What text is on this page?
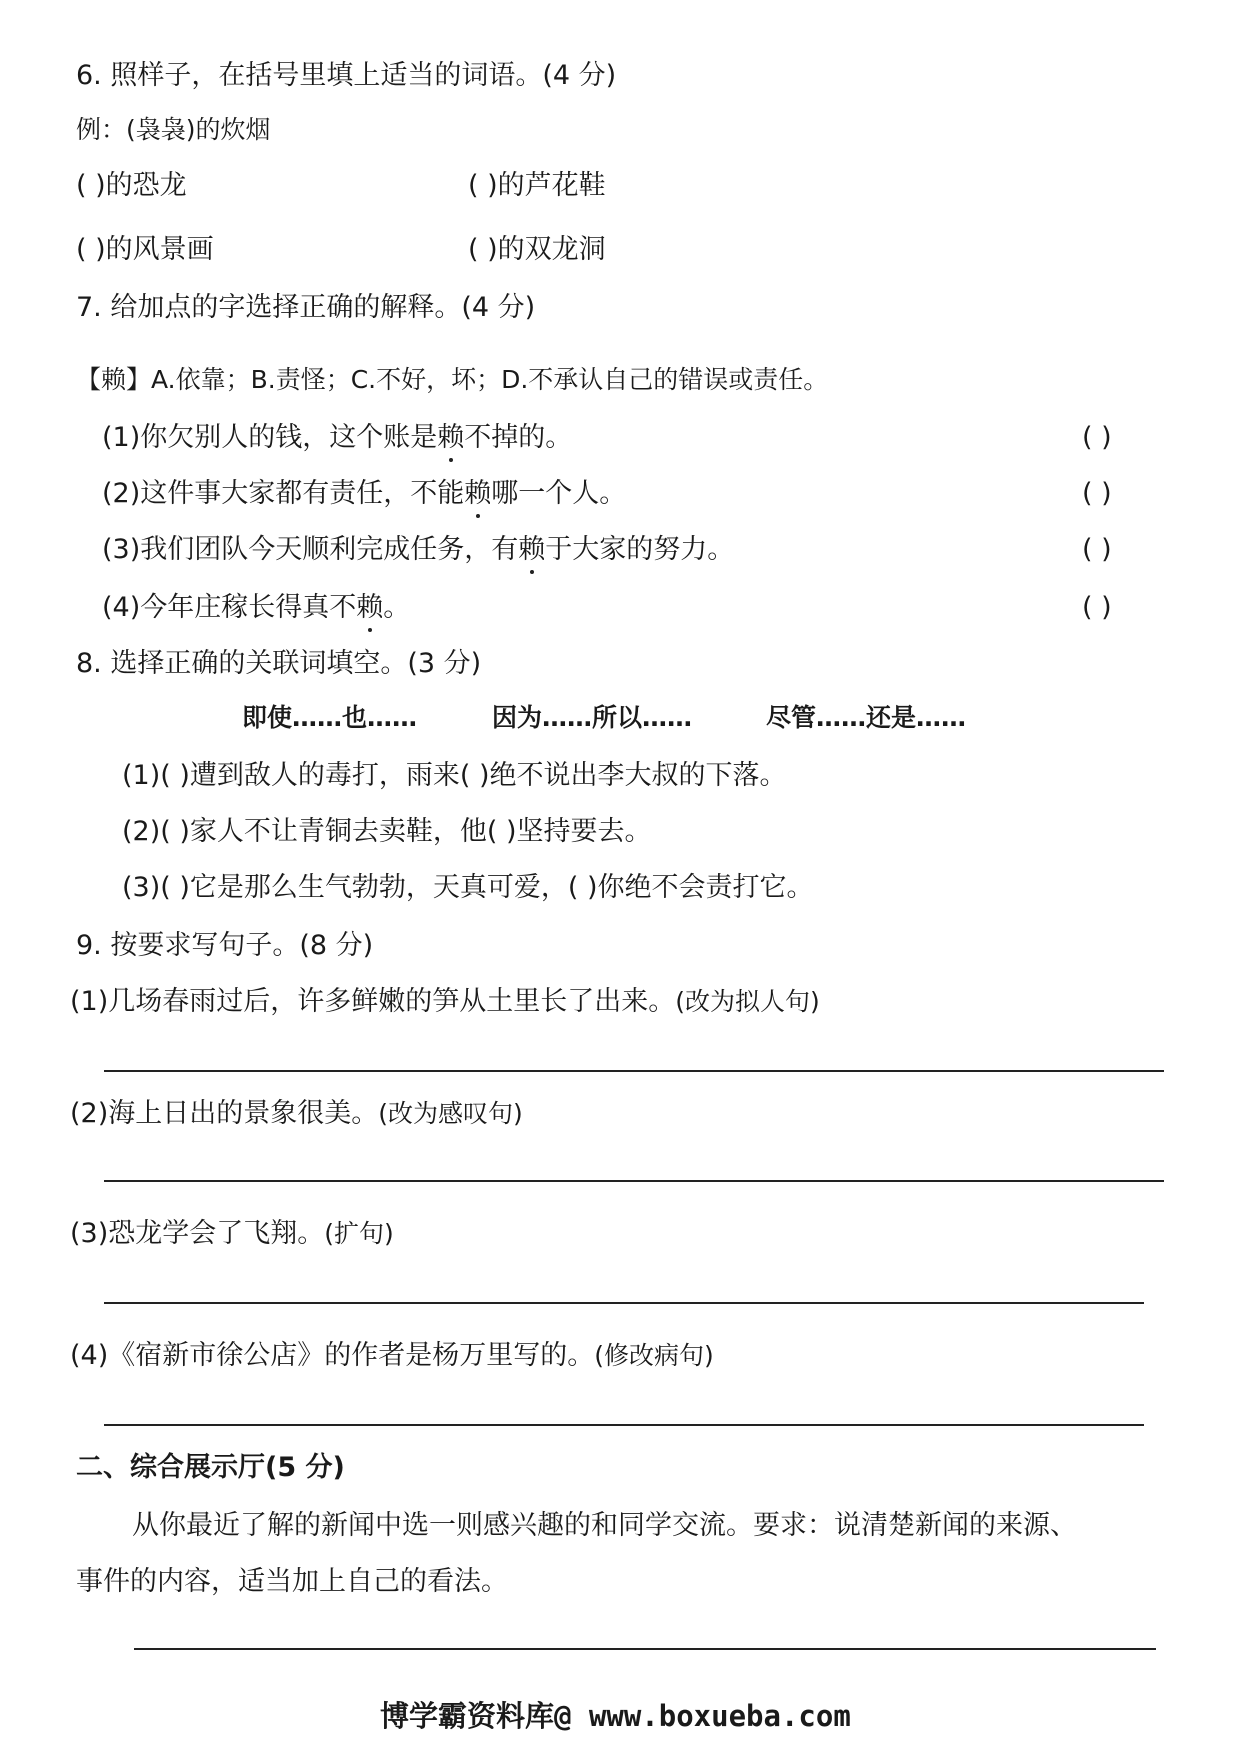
6. 照样子，在括号里填上适当的词语。(4 分)
例：(袅袅)的炊烟
( )的恐龙	( )的芦花鞋
( )的风景画	( )的双龙洞
7. 给加点的字选择正确的解释。(4 分)
【赖】A.依靠；B.责怪；C.不好，坏；D.不承认自己的错误或责任。
(1)你欠别人的钱，这个账是赖不掉的。	( )
(2)这件事大家都有责任，不能赖哪一个人。	( )
(3)我们团队今天顺利完成任务，有赖于大家的努力。	( )
(4)今年庄稼长得真不赖。	( )
8. 选择正确的关联词填空。(3 分)
即使……也……	因为……所以……	尽管……还是……
(1)( )遭到敌人的毒打，雨来( )绝不说出李大叔的下落。
(2)( )家人不让青铜去卖鞋，他( )坚持要去。
(3)( )它是那么生气勃勃，天真可爱，( )你绝不会责打它。
9. 按要求写句子。(8 分)
(1)几场春雨过后，许多鲜嫩的笋从土里长了出来。(改为拟人句)
(2)海上日出的景象很美。(改为感叹句)
(3)恐龙学会了飞翔。(扩句)
(4)《宿新市徐公店》的作者是杨万里写的。(修改病句)
二、综合展示厅(5 分)
从你最近了解的新闻中选一则感兴趣的和同学交流。要求：说清楚新闻的来源、
事件的内容，适当加上自己的看法。
博学霸资料库@ www.boxueba.com
